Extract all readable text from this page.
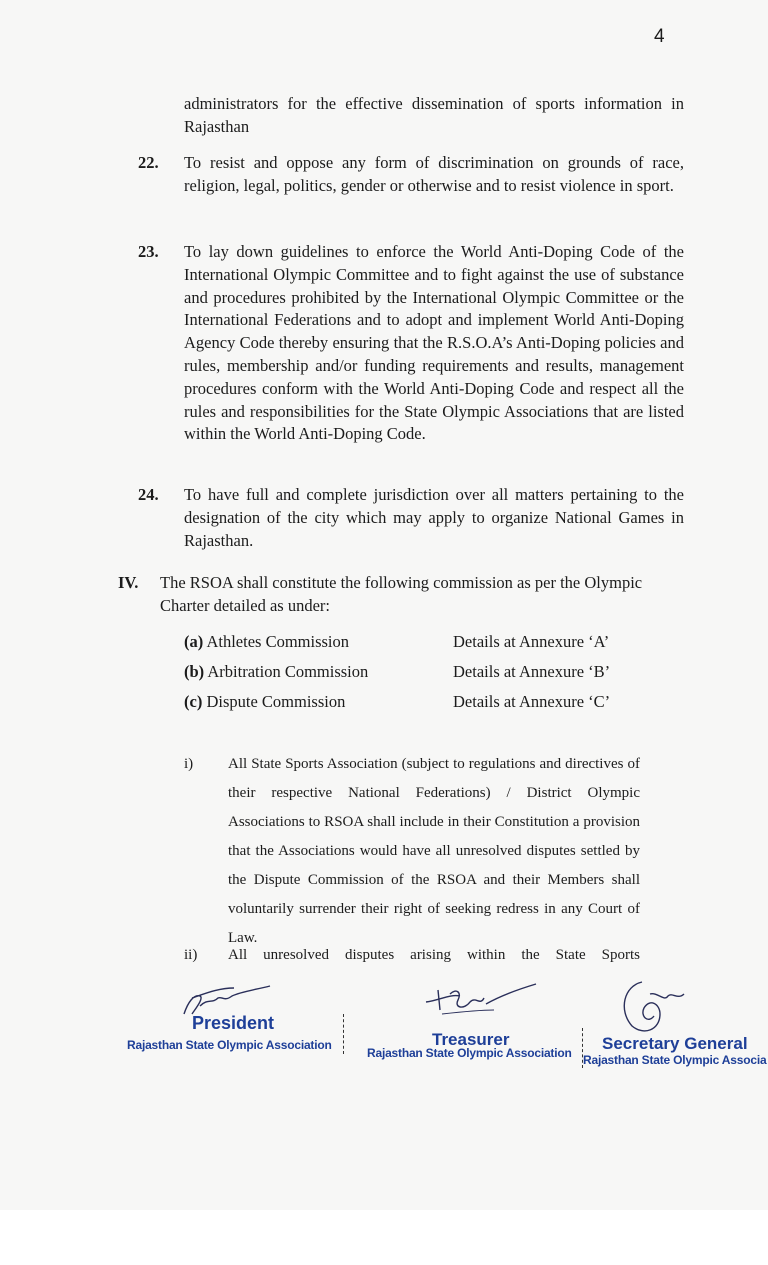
4

administrators for the effective dissemination of sports information in Rajasthan

22. To resist and oppose any form of discrimination on grounds of race, religion, legal, politics, gender or otherwise and to resist violence in sport.

23. To lay down guidelines to enforce the World Anti-Doping Code of the International Olympic Committee and to fight against the use of substance and procedures prohibited by the International Olympic Committee or the International Federations and to adopt and implement World Anti-Doping Agency Code thereby ensuring that the R.S.O.A’s Anti-Doping policies and rules, membership and/or funding requirements and results, management procedures conform with the World Anti-Doping Code and respect all the rules and responsibilities for the State Olympic Associations that are listed within the World Anti-Doping Code.

24. To have full and complete jurisdiction over all matters pertaining to the designation of the city which may apply to organize National Games in Rajasthan.

IV. The RSOA shall constitute the following commission as per the Olympic Charter detailed as under:

(a) Athletes Commission	Details at Annexure ‘A’
(b) Arbitration Commission	Details at Annexure ‘B’
(c) Dispute Commission	Details at Annexure ‘C’
i) All State Sports Association (subject to regulations and directives of their respective National Federations) / District Olympic Associations to RSOA shall include in their Constitution a provision that the Associations would have all unresolved disputes settled by the Dispute Commission of the RSOA and their Members shall voluntarily surrender their right of seeking redress in any Court of Law.

ii) All unresolved disputes arising within the State Sports

President
Rajasthan State Olympic Association	Treasurer
Rajasthan State Olympic Association Secretary General
Rajasthan State Olympic Associa
